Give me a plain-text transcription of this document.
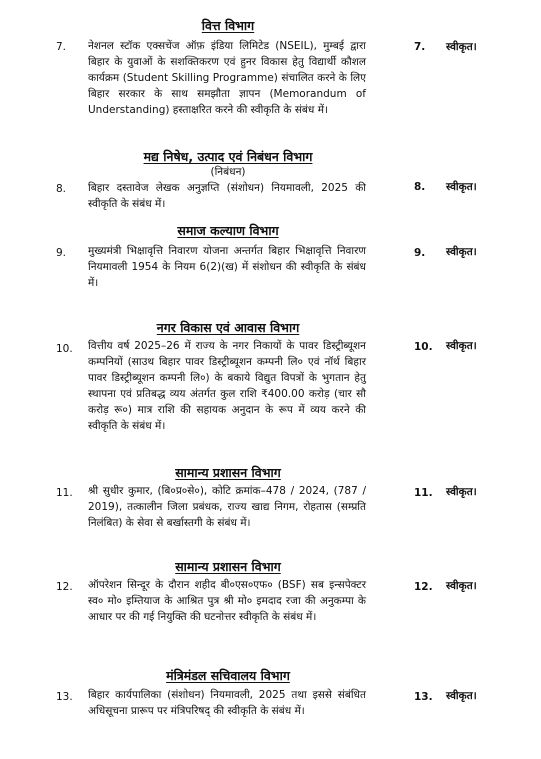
वित्त विभाग
7. नेशनल स्टॉक एक्सचेंज ऑफ़ इंडिया लिमिटेड (NSEIL), मुम्बई द्वारा बिहार के युवाओं के सशक्तिकरण एवं हुनर विकास हेतु विद्यार्थी कौशल कार्यक्रम (Student Skilling Programme) संचालित करने के लिए बिहार सरकार के साथ समझौता ज्ञापन (Memorandum of Understanding) हस्ताक्षरित करने की स्वीकृति के संबंध में।
7. स्वीकृत।
मद्य निषेध, उत्पाद एवं निबंधन विभाग
(निबंधन)
8. बिहार दस्तावेज लेखक अनुज्ञप्ति (संशोधन) नियमावली, 2025 की स्वीकृति के संबंध में।
8. स्वीकृत।
समाज कल्याण विभाग
9. मुख्यमंत्री भिक्षावृत्ति निवारण योजना अन्तर्गत बिहार भिक्षावृत्ति निवारण नियमावली 1954 के नियम 6(2)(ख) में संशोधन की स्वीकृति के संबंध में।
9. स्वीकृत।
नगर विकास एवं आवास विभाग
10. वित्तीय वर्ष 2025–26 में राज्य के नगर निकायों के पावर डिस्ट्रीब्यूशन कम्पनियों (साउथ बिहार पावर डिस्ट्रीब्यूशन कम्पनी लि० एवं नॉर्थ बिहार पावर डिस्ट्रीब्यूशन कम्पनी लि०) के बकाये विद्युत विपत्रों के भुगतान हेतु स्थापना एवं प्रतिबद्ध व्यय अंतर्गत कुल राशि ₹400.00 करोड़ (चार सौ करोड़ रू०) मात्र राशि की सहायक अनुदान के रूप में व्यय करने की स्वीकृति के संबंध में।
10. स्वीकृत।
सामान्य प्रशासन विभाग
11. श्री सुधीर कुमार, (बि०प्र०से०), कोटि क्रमांक–478 / 2024, (787 / 2019), तत्कालीन जिला प्रबंधक, राज्य खाद्य निगम, रोहतास (सम्प्रति निलंबित) के सेवा से बर्खास्तगी के संबंध में।
11. स्वीकृत।
सामान्य प्रशासन विभाग
12. ऑपरेशन सिन्दूर के दौरान शहीद बी०एस०एफ० (BSF) सब इन्सपेक्टर स्व० मो० इम्तियाज के आश्रित पुत्र श्री मो० इमदाद रजा की अनुकम्पा के आधार पर की गई नियुक्ति की घटनोत्तर स्वीकृति के संबंध में।
12. स्वीकृत।
मंत्रिमंडल सचिवालय विभाग
13. बिहार कार्यपालिका (संशोधन) नियमावली, 2025 तथा इससे संबंधित अधिसूचना प्रारूप पर मंत्रिपरिषद् की स्वीकृति के संबंध में।
13. स्वीकृत।
